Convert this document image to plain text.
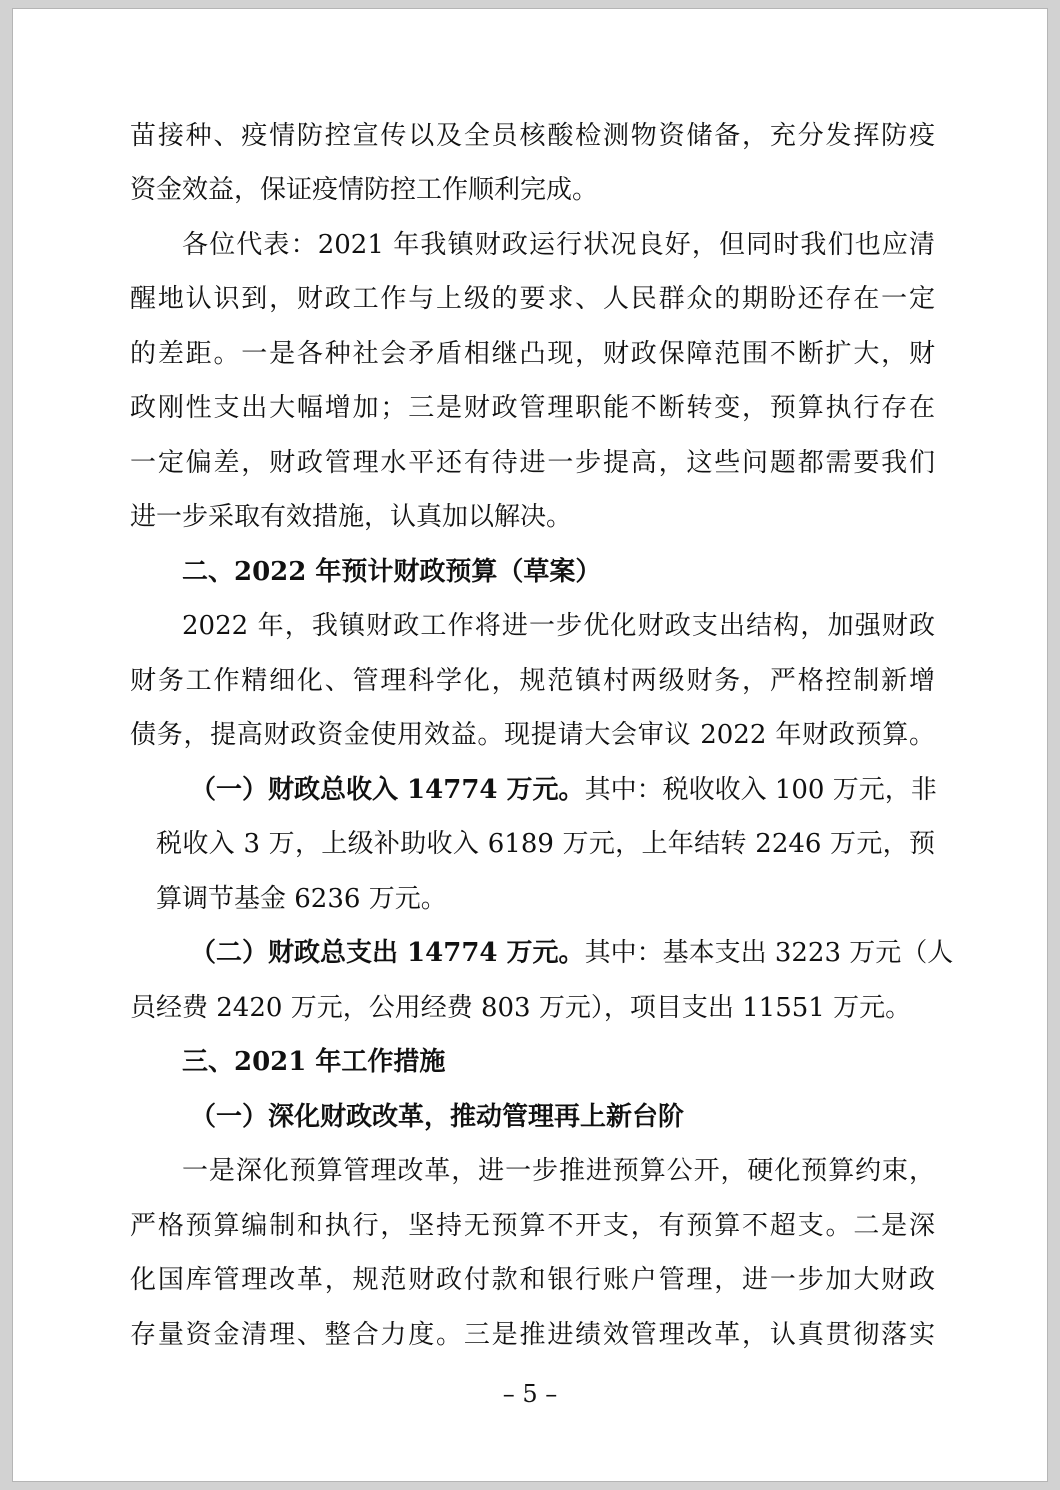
苗接种、疫情防控宣传以及全员核酸检测物资储备，充分发挥防疫
资金效益，保证疫情防控工作顺利完成。
各位代表：2021 年我镇财政运行状况良好，但同时我们也应清
醒地认识到，财政工作与上级的要求、人民群众的期盼还存在一定
的差距。一是各种社会矛盾相继凸现，财政保障范围不断扩大，财
政刚性支出大幅增加；三是财政管理职能不断转变，预算执行存在
一定偏差，财政管理水平还有待进一步提高，这些问题都需要我们
进一步采取有效措施，认真加以解决。
二、2022 年预计财政预算（草案）
2022 年，我镇财政工作将进一步优化财政支出结构，加强财政
财务工作精细化、管理科学化，规范镇村两级财务，严格控制新增
债务，提高财政资金使用效益。现提请大会审议 2022 年财政预算。
（一）财政总收入 14774 万元。其中：税收收入 100 万元，非
税收入 3 万，上级补助收入 6189 万元，上年结转 2246 万元，预
算调节基金 6236 万元。
（二）财政总支出 14774 万元。其中：基本支出 3223 万元（人
员经费 2420 万元，公用经费 803 万元），项目支出 11551 万元。
三、2021 年工作措施
（一）深化财政改革，推动管理再上新台阶
一是深化预算管理改革，进一步推进预算公开，硬化预算约束，
严格预算编制和执行，坚持无预算不开支，有预算不超支。二是深
化国库管理改革，规范财政付款和银行账户管理，进一步加大财政
存量资金清理、整合力度。三是推进绩效管理改革，认真贯彻落实
– 5 –
